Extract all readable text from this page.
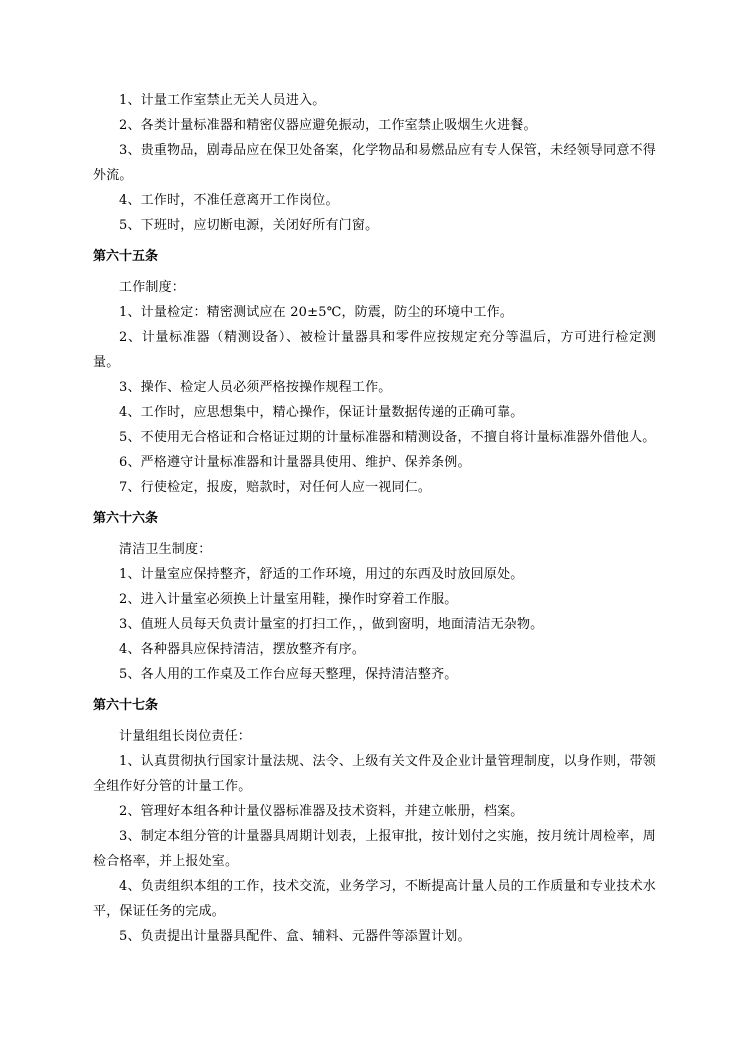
1、计量工作室禁止无关人员进入。

2、各类计量标准器和精密仪器应避免振动，工作室禁止吸烟生火进餐。

3、贵重物品，剧毒品应在保卫处备案，化学物品和易燃品应有专人保管，未经领导同意不得外流。

4、工作时，不准任意离开工作岗位。

5、下班时，应切断电源，关闭好所有门窗。

第六十五条

工作制度：

1、计量检定：精密测试应在 20±5℃，防震，防尘的环境中工作。

2、计量标准器（精测设备）、被检计量器具和零件应按规定充分等温后，方可进行检定测量。

3、操作、检定人员必须严格按操作规程工作。

4、工作时，应思想集中，精心操作，保证计量数据传递的正确可靠。

5、不使用无合格证和合格证过期的计量标准器和精测设备，不擅自将计量标准器外借他人。

6、严格遵守计量标准器和计量器具使用、维护、保养条例。

7、行使检定，报废，赔款时，对任何人应一视同仁。

第六十六条

清洁卫生制度：

1、计量室应保持整齐，舒适的工作环境，用过的东西及时放回原处。

2、进入计量室必须换上计量室用鞋，操作时穿着工作服。

3、值班人员每天负责计量室的打扫工作，，做到窗明，地面清洁无杂物。

4、各种器具应保持清洁，摆放整齐有序。

5、各人用的工作桌及工作台应每天整理，保持清洁整齐。

第六十七条

计量组组长岗位责任：

1、认真贯彻执行国家计量法规、法令、上级有关文件及企业计量管理制度，以身作则，带领全组作好分管的计量工作。

2、管理好本组各种计量仪器标准器及技术资料，并建立帐册，档案。

3、制定本组分管的计量器具周期计划表，上报审批，按计划付之实施，按月统计周检率，周检合格率，并上报处室。

4、负责组织本组的工作，技术交流，业务学习，不断提高计量人员的工作质量和专业技术水平，保证任务的完成。

5、负责提出计量器具配件、盒、辅料、元器件等添置计划。
